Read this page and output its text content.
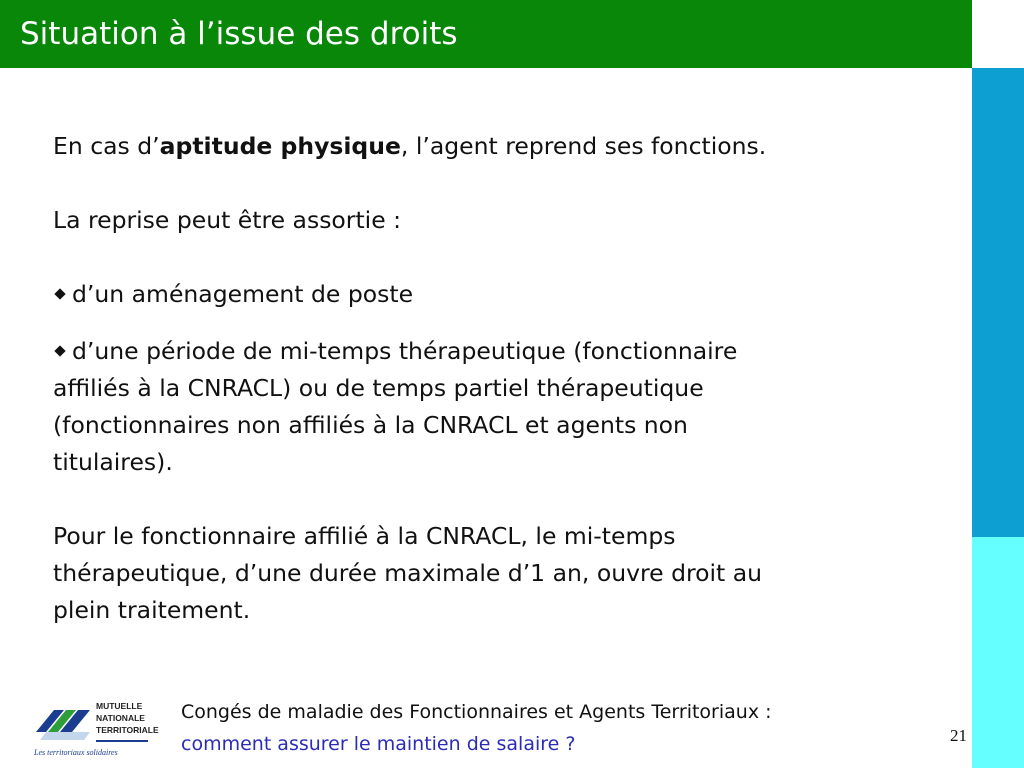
Situation à l’issue des droits

En cas d’aptitude physique, l’agent reprend ses fonctions.

La reprise peut être assortie :

d’un aménagement de poste

d’une période de mi-temps thérapeutique (fonctionnaire
affiliés à la CNRACL) ou de temps partiel thérapeutique
(fonctionnaires non affiliés à la CNRACL et agents non
titulaires).

Pour le fonctionnaire affilié à la CNRACL, le mi-temps
thérapeutique, d’une durée maximale d’1 an, ouvre droit au
plein traitement.

MUTUELLE
NATIONALE
TERRITORIALE
Les territoriaux solidaires
Congés de maladie des Fonctionnaires et Agents Territoriaux :
comment assurer le maintien de salaire ?	21
